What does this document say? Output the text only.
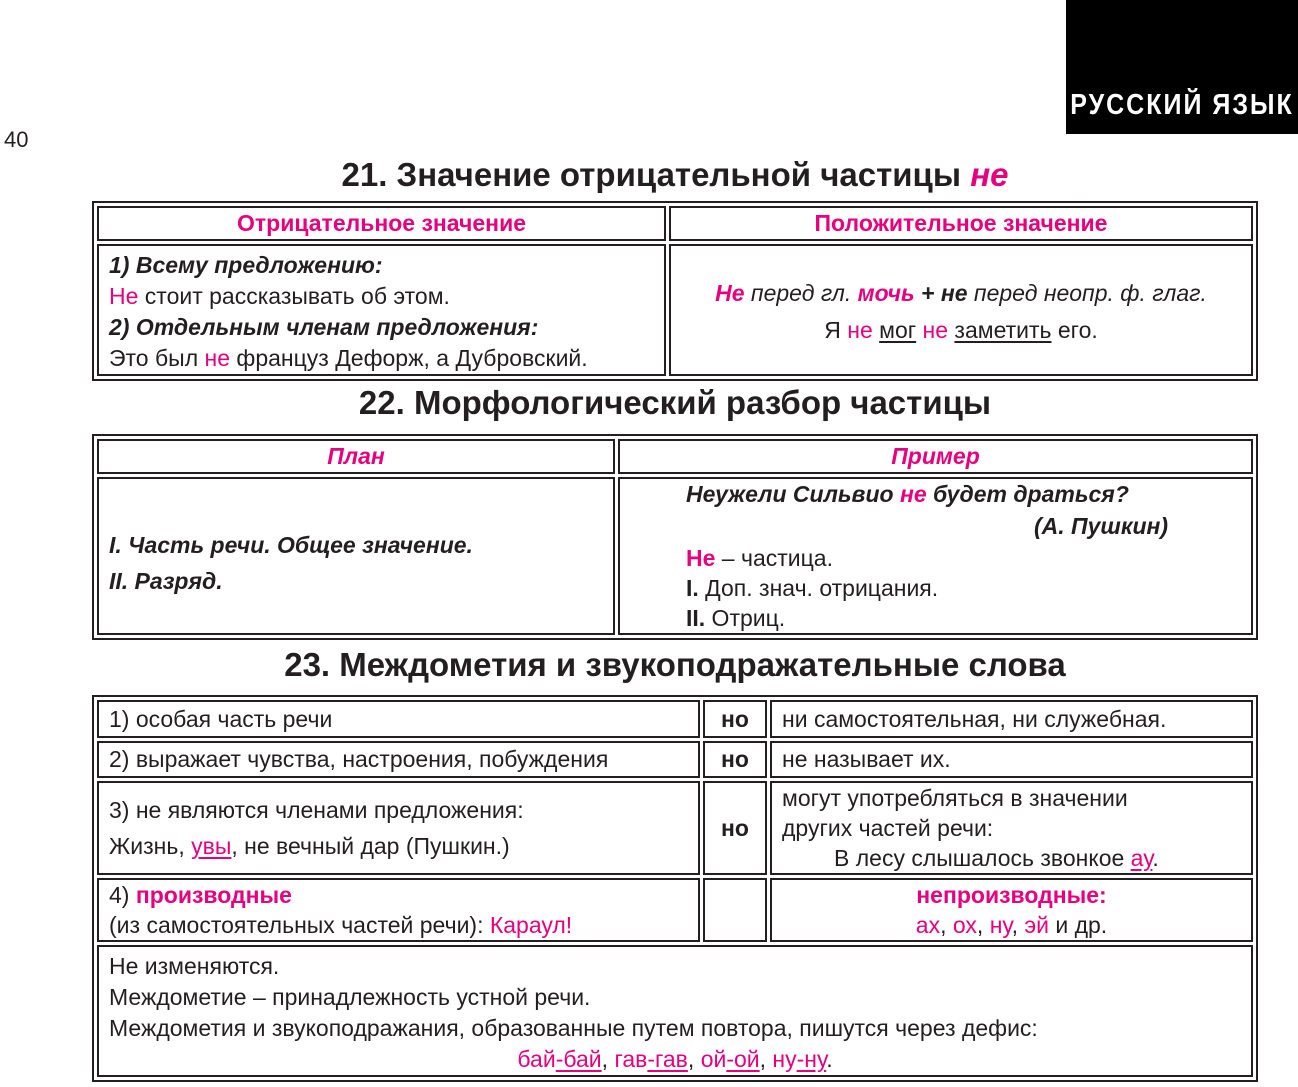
40
РУССКИЙ ЯЗЫК
21. Значение отрицательной частицы не
Отрицательное значение	Положительное значение

1) Всему предложению:
Не стоит рассказывать об этом.
2) Отдельным членам предложения:
Это был не француз Дефорж, а Дубровский.	Не перед гл. мочь + не перед неопр. ф. глаг.
Я не мог не заметить его.
22. Морфологический разбор частицы
План	Пример

I. Часть речи. Общее значение.
II. Разряд.	Неужели Сильвио не будет драться?
(А. Пушкин)
Не – частица.
I. Доп. знач. отрицания.
II. Отриц.
23. Междометия и звукоподражательные слова
1) особая часть речи	но	ни самостоятельная, ни служебная.
2) выражает чувства, настроения, побуждения	но	не называет их.

3) не являются членами предложения:
Жизнь, увы, не вечный дар (Пушкин.)	но	могут употребляться в значении
других частей речи:
В лесу слышалось звонкое ау.

4) производные
(из самостоятельных частей речи): Караул!		непроизводные:
ах, ох, ну, эй и др.

Не изменяются.
Междометие – принадлежность устной речи.
Междометия и звукоподражания, образованные путем повтора, пишутся через дефис:
бай-бай, гав-гав, ой-ой, ну-ну.		
